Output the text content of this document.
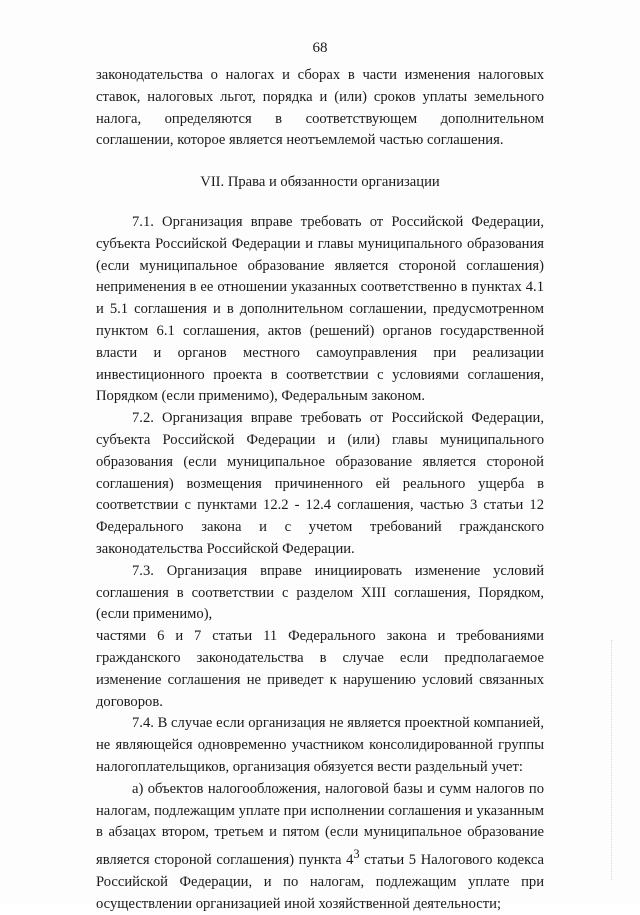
68

законодательства о налогах и сборах в части изменения налоговых ставок, налоговых льгот, порядка и (или) сроков уплаты земельного налога, определяются в соответствующем дополнительном соглашении, которое является неотъемлемой частью соглашения.

VII. Права и обязанности организации

7.1. Организация вправе требовать от Российской Федерации, субъекта Российской Федерации и главы муниципального образования (если муниципальное образование является стороной соглашения) неприменения в ее отношении указанных соответственно в пунктах 4.1 и 5.1 соглашения и в дополнительном соглашении, предусмотренном пунктом 6.1 соглашения, актов (решений) органов государственной власти и органов местного самоуправления при реализации инвестиционного проекта в соответствии с условиями соглашения, Порядком (если применимо), Федеральным законом.

7.2. Организация вправе требовать от Российской Федерации, субъекта Российской Федерации и (или) главы муниципального образования (если муниципальное образование является стороной соглашения) возмещения причиненного ей реального ущерба в соответствии с пунктами 12.2 - 12.4 соглашения, частью 3 статьи 12 Федерального закона и с учетом требований гражданского законодательства Российской Федерации.

7.3. Организация вправе инициировать изменение условий соглашения в соответствии с разделом XIII соглашения, Порядком, (если применимо),

частями 6 и 7 статьи 11 Федерального закона и требованиями гражданского законодательства в случае если предполагаемое изменение соглашения не приведет к нарушению условий связанных договоров.

7.4. В случае если организация не является проектной компанией, не являющейся одновременно участником консолидированной группы налогоплательщиков, организация обязуется вести раздельный учет:

а) объектов налогообложения, налоговой базы и сумм налогов по налогам, подлежащим уплате при исполнении соглашения и указанным в абзацах втором, третьем и пятом (если муниципальное образование является стороной соглашения) пункта $4^3$ статьи 5 Налогового кодекса Российской Федерации, и по налогам, подлежащим уплате при осуществлении организацией иной хозяйственной деятельности;
